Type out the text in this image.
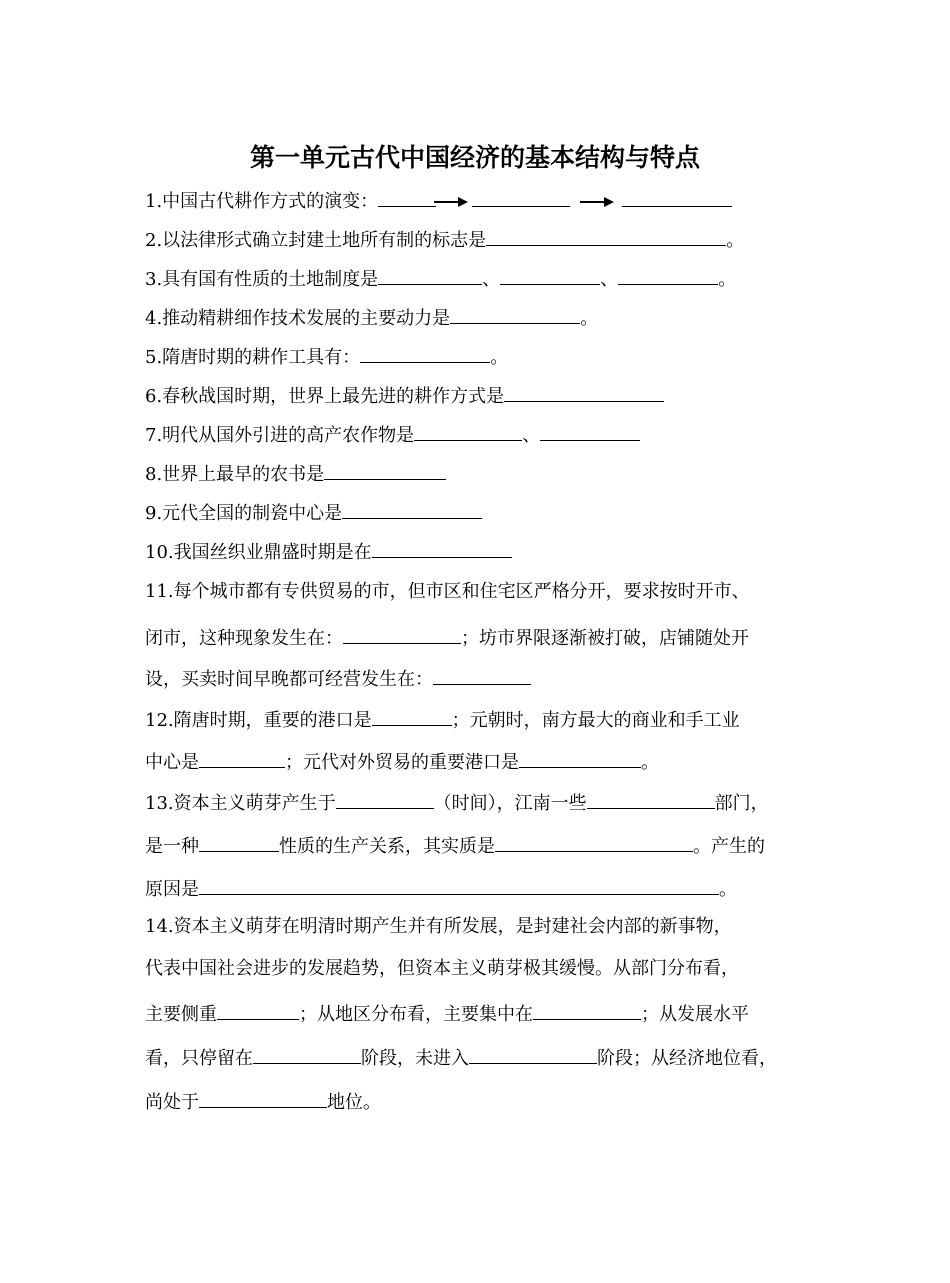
第一单元古代中国经济的基本结构与特点
1.中国古代耕作方式的演变：
2.以法律形式确立封建土地所有制的标志是	。
3.具有国有性质的土地制度是	、	、	。
4.推动精耕细作技术发展的主要动力是	。
5.隋唐时期的耕作工具有：	。
6.春秋战国时期，世界上最先进的耕作方式是
7.明代从国外引进的高产农作物是	、
8.世界上最早的农书是
9.元代全国的制瓷中心是
10.我国丝织业鼎盛时期是在
11.每个城市都有专供贸易的市，但市区和住宅区严格分开，要求按时开市、
闭市，这种现象发生在：	；坊市界限逐渐被打破，店铺随处开
设，买卖时间早晚都可经营发生在：
12.隋唐时期，重要的港口是	；元朝时，南方最大的商业和手工业
中心是	；元代对外贸易的重要港口是	。
13.资本主义萌芽产生于	（时间），江南一些	部门，
是一种	性质的生产关系，其实质是	。产生的
原因是	。
14.资本主义萌芽在明清时期产生并有所发展，是封建社会内部的新事物，
代表中国社会进步的发展趋势，但资本主义萌芽极其缓慢。从部门分布看，
主要侧重	；从地区分布看，主要集中在	；从发展水平
看，只停留在	阶段，未进入	阶段；从经济地位看，
尚处于	地位。
